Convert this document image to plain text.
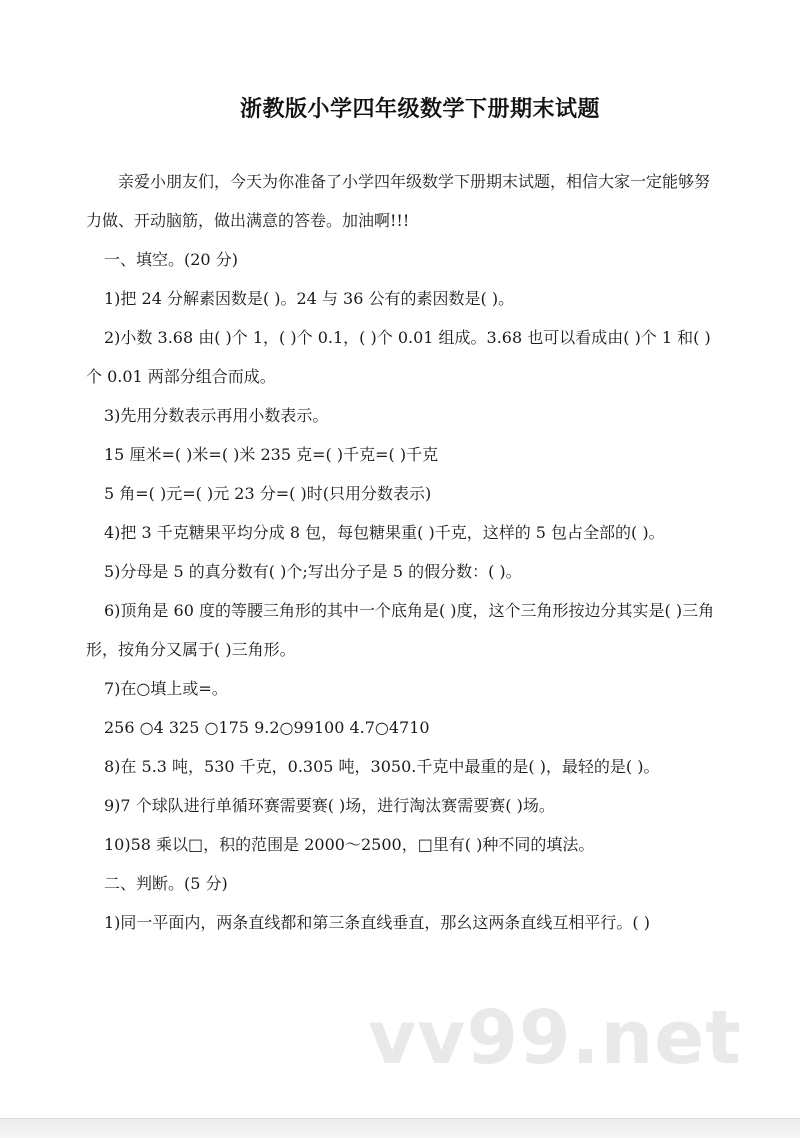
浙教版小学四年级数学下册期末试题

亲爱小朋友们，今天为你准备了小学四年级数学下册期末试题，相信大家一定能够努力做、开动脑筋，做出满意的答卷。加油啊!!!

一、填空。(20 分)

1)把 24 分解素因数是( )。24 与 36 公有的素因数是( )。

2)小数 3.68 由( )个 1，( )个 0.1，( )个 0.01 组成。3.68 也可以看成由( )个 1 和( )个 0.01 两部分组合而成。

3)先用分数表示再用小数表示。

15 厘米=( )米=( )米 235 克=( )千克=( )千克

5 角=( )元=( )元 23 分=( )时(只用分数表示)

4)把 3 千克糖果平均分成 8 包，每包糖果重( )千克，这样的 5 包占全部的( )。

5)分母是 5 的真分数有( )个;写出分子是 5 的假分数：( )。

6)顶角是 60 度的等腰三角形的其中一个底角是( )度，这个三角形按边分其实是( )三角形，按角分又属于( )三角形。

7)在○填上或=。

256 ○4 325 ○175 9.2○99100 4.7○4710

8)在 5.3 吨，530 千克，0.305 吨，3050.千克中最重的是( )，最轻的是( )。

9)7 个球队进行单循环赛需要赛( )场，进行淘汰赛需要赛( )场。

10)58 乘以□，积的范围是 2000～2500，□里有( )种不同的填法。

二、判断。(5 分)

1)同一平面内，两条直线都和第三条直线垂直，那幺这两条直线互相平行。( )

vv99.net
